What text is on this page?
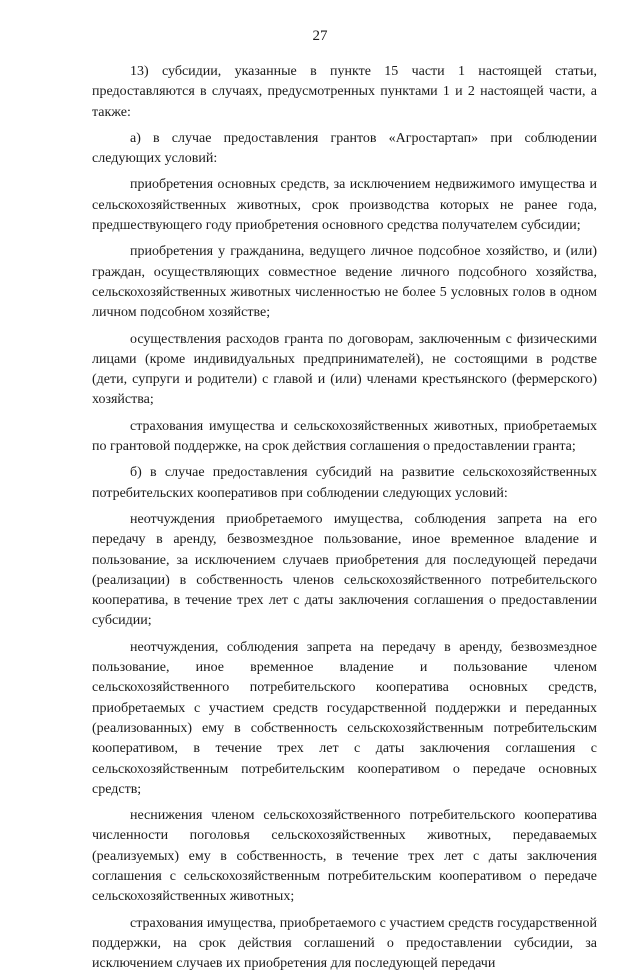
27

13) субсидии, указанные в пункте 15 части 1 настоящей статьи, предоставляются в случаях, предусмотренных пунктами 1 и 2 настоящей части, а также:

а) в случае предоставления грантов «Агростартап» при соблюдении следующих условий:

приобретения основных средств, за исключением недвижимого имущества и сельскохозяйственных животных, срок производства которых не ранее года, предшествующего году приобретения основного средства получателем субсидии;

приобретения у гражданина, ведущего личное подсобное хозяйство, и (или) граждан, осуществляющих совместное ведение личного подсобного хозяйства, сельскохозяйственных животных численностью не более 5 условных голов в одном личном подсобном хозяйстве;

осуществления расходов гранта по договорам, заключенным с физическими лицами (кроме индивидуальных предпринимателей), не состоящими в родстве (дети, супруги и родители) с главой и (или) членами крестьянского (фермерского) хозяйства;

страхования имущества и сельскохозяйственных животных, приобретаемых по грантовой поддержке, на срок действия соглашения о предоставлении гранта;

б) в случае предоставления субсидий на развитие сельскохозяйственных потребительских кооперативов при соблюдении следующих условий:

неотчуждения приобретаемого имущества, соблюдения запрета на его передачу в аренду, безвозмездное пользование, иное временное владение и пользование, за исключением случаев приобретения для последующей передачи (реализации) в собственность членов сельскохозяйственного потребительского кооператива, в течение трех лет с даты заключения соглашения о предоставлении субсидии;

неотчуждения, соблюдения запрета на передачу в аренду, безвозмездное пользование, иное временное владение и пользование членом сельскохозяйственного потребительского кооператива основных средств, приобретаемых с участием средств государственной поддержки и переданных (реализованных) ему в собственность сельскохозяйственным потребительским кооперативом, в течение трех лет с даты заключения соглашения с сельскохозяйственным потребительским кооперативом о передаче основных средств;

неснижения членом сельскохозяйственного потребительского кооператива численности поголовья сельскохозяйственных животных, передаваемых (реализуемых) ему в собственность, в течение трех лет с даты заключения соглашения с сельскохозяйственным потребительским кооперативом о передаче сельскохозяйственных животных;

страхования имущества, приобретаемого с участием средств государственной поддержки, на срок действия соглашений о предоставлении субсидии, за исключением случаев их приобретения для последующей передачи
